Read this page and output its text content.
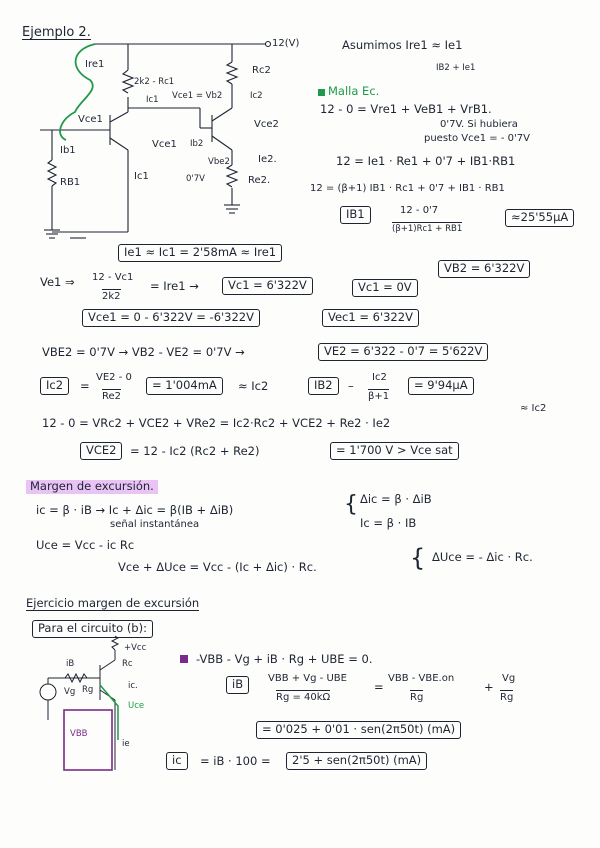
Ejemplo 2.
12(V)
Rc2
Ire1
2k2 - Rc1
Ic1 Vce1 = Vb2	Ic2
Vce1
Vce1
Vce2
Ib1
Ib2
RB1
Ic1	0'7V
Vbe2	Ie2.
Re2.
Asumimos Ire1 ≈ Ie1
IB2 + Ie1
Malla Ec.
12 - 0 = Vre1 + VeB1 + VrB1.
0'7V. Si hubiera
puesto Vce1 = - 0'7V
12 = Ie1 · Re1 + 0'7 + IB1·RB1
12 = (β+1) IB1 · Rc1 + 0'7 + IB1 · RB1
IB1	12 - 0'7
(β+1)Rc1 + RB1
≈25'55μA
Ie1 ≈ Ic1 = 2'58mA ≈ Ire1
VB2 = 6'322V
Ve1 ⇒ 12 - Vc1
2k2
= Ire1 →	Vc1 = 6'322V	Vc1 = 0V
Vce1 = 0 - 6'322V = -6'322V	Vec1 = 6'322V
VBE2 = 0'7V → VB2 - VE2 = 0'7V →	VE2 = 6'322 - 0'7 = 5'622V
Ic2	=
VE2 - 0
Re2
= 1'004mA	≈ Ic2	IB2	–
Ic2
β+1
= 9'94μA
12 - 0 = VRc2 + VCE2 + VRe2 = Ic2·Rc2 + VCE2 + Re2 · Ie2
≈ Ic2
VCE2	= 12 - Ic2 (Rc2 + Re2)	= 1'700 V > Vce sat
Margen de excursión.
ic = β · iB → Ic + Δic = β(IB + ΔiB)
señal instantánea
{ Δic = β · ΔiB
Ic = β · IB
Uce = Vcc - ic Rc
Vce + ΔUce = Vcc - (Ic + Δic) · Rc.	{ ΔUce = - Δic · Rc.
Ejercicio margen de excursión
Para el circuito (b):
+Vcc
Rc
iB
Rg
Vg
VBB
ic.
Uce
ie
-VBB - Vg + iB · Rg + UBE = 0.
iB	VBB + Vg - UBE
Rg = 40kΩ
=
VBB - VBE.on
Rg
+
Vg
Rg
= 0'025 + 0'01 · sen(2π50t) (mA)
ic	= iB · 100 =	2'5 + sen(2π50t) (mA)
